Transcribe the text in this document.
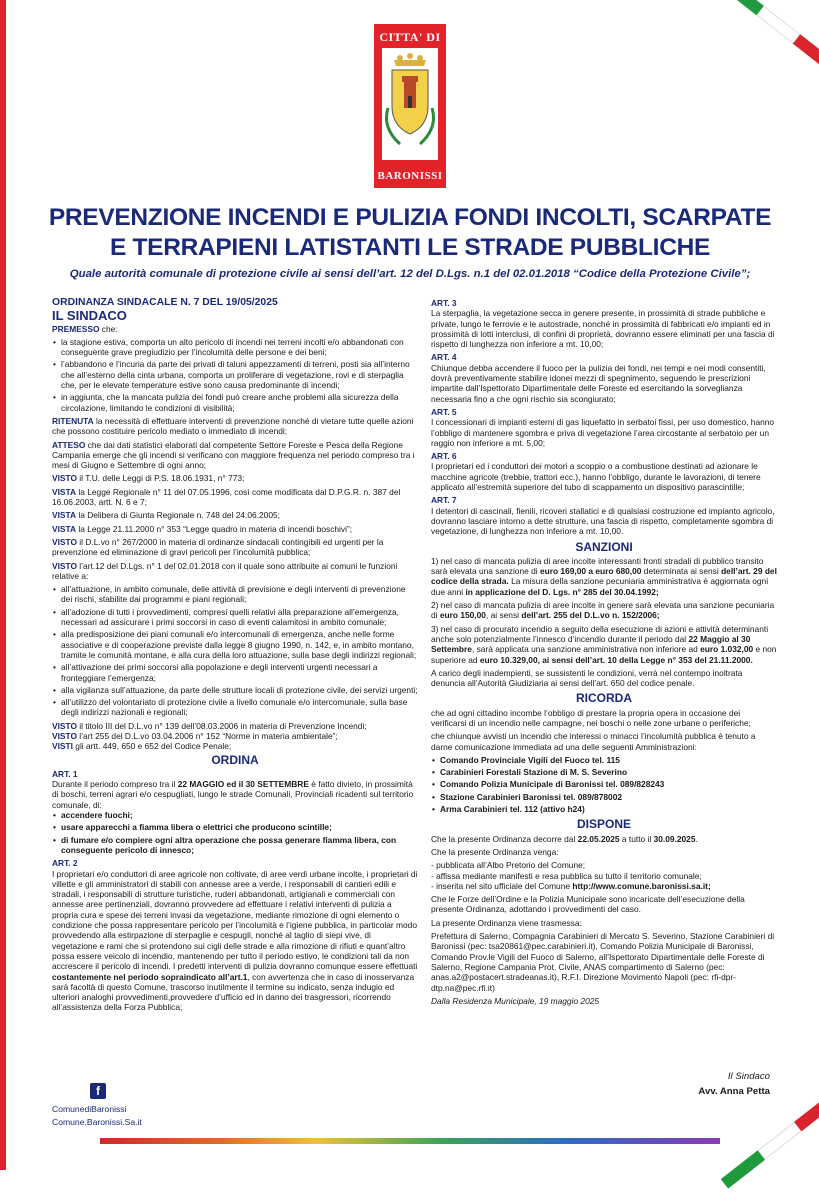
CITTA' DI
BARONISSI
PREVENZIONE INCENDI E PULIZIA FONDI INCOLTI, SCARPATE
E TERRAPIENI LATISTANTI LE STRADE PUBBLICHE
Quale autorità comunale di protezione civile ai sensi dell’art. 12 del D.Lgs. n.1 del 02.01.2018 “Codice della Protezione Civile”;
ORDINANZA SINDACALE N. 7 DEL 19/05/2025
IL SINDACO

PREMESSO che:

• la stagione estiva, comporta un alto pericolo di incendi nei terreni incolti e/o abbandonati con conseguente grave pregiudizio per l’incolumità delle persone e dei beni;
• l’abbandono e l’incuria da parte dei privati di taluni appezzamenti di terreni, posti sia all’interno che all’esterno della cinta urbana, comporta un proliferare di vegetazione, rovi e di sterpaglia che, per le elevate temperature estive sono causa predominante di incendi;
• in aggiunta, che la mancata pulizia dei fondi può creare anche problemi alla sicurezza della circolazione, limitando le condizioni di visibilità;

RITENUTA la necessità di effettuare interventi di prevenzione nonché di vietare tutte quelle azioni che possono costituire pericolo mediato o immediato di incendi;

ATTESO che dai dati statistici elaborati dal competente Settore Foreste e Pesca della Regione Campania emerge che gli incendi si verificano con maggiore frequenza nel periodo compreso tra i mesi di Giugno e Settembre di ogni anno;

VISTO il T.U. delle Leggi di P.S. 18.06.1931, n° 773;

VISTA la Legge Regionale n° 11 del 07.05.1996, così come modificata dal D.P.G.R. n. 387 del 16.06.2003, artt. N. 6 e 7;

VISTA la Delibera di Giunta Regionale n. 748 del 24.06.2005;

VISTA la Legge 21.11.2000 n° 353 “Legge quadro in materia di incendi boschivi”;

VISTO il D.L.vo n° 267/2000 in materia di ordinanze sindacali contingibili ed urgenti per la prevenzione ed eliminazione di gravi pericoli per l’incolumità pubblica;

VISTO l’art.12 del D.Lgs. n° 1 del 02.01.2018 con il quale sono attribuite ai comuni le funzioni relative a:

• all’attuazione, in ambito comunale, delle attività di previsione e degli interventi di prevenzione dei rischi, stabilite dai programmi e piani regionali;
• all’adozione di tutti i provvedimenti, compresi quelli relativi alla preparazione all’emergenza, necessari ad assicurare i primi soccorsi in caso di eventi calamitosi in ambito comunale;
• alla predisposizione dei piani comunali e/o intercomunali di emergenza, anche nelle forme associative e di cooperazione previste dalla legge 8 giugno 1990, n. 142, e, in ambito montano, tramite le comunità montane, e alla cura della loro attuazione, sulla base degli indirizzi regionali;
• all’attivazione dei primi soccorsi alla popolazione e degli interventi urgenti necessari a fronteggiare l’emergenza;
• alla vigilanza sull’attuazione, da parte delle strutture locali di protezione civile, dei servizi urgenti;
• all’utilizzo del volontariato di protezione civile a livello comunale e/o intercomunale, sulla base degli indirizzi nazionali e regionali;

VISTO il titolo III del D.L.vo n° 139 dell’08.03.2006 in materia di Prevenzione Incendi;

VISTO l’art 255 del D.L.vo 03.04.2006 n° 152 “Norme in materia ambientale”;

VISTI gli artt. 449, 650 e 652 del Codice Penale;

ORDINA
ART. 1

Durante il periodo compreso tra il 22 MAGGIO ed il 30 SETTEMBRE è fatto divieto, in prossimità di boschi, terreni agrari e/o cespugliati, lungo le strade Comunali, Provinciali ricadenti sul territorio comunale, di:

• accendere fuochi;
• usare apparecchi a fiamma libera o elettrici che producono scintille;
• di fumare e/o compiere ogni altra operazione che possa generare fiamma libera, con conseguente pericolo di innesco;
ART. 2

I proprietari e/o conduttori di aree agricole non coltivate, di aree verdi urbane incolte, i proprietari di villette e gli amministratori di stabili con annesse aree a verde, i responsabili di cantieri edili e stradali, i responsabili di strutture turistiche, ruderi abbandonati, artigianali e commerciali con annesse aree pertinenziali, dovranno provvedere ad effettuare i relativi interventi di pulizia a propria cura e spese dei terreni invasi da vegetazione, mediante rimozione di ogni elemento o condizione che possa rappresentare pericolo per l’incolumità e l’igiene pubblica, in particolar modo provvedendo alla estirpazione di sterpaglie e cespugli, nonché al taglio di siepi vive, di vegetazione e rami che si protendono sui cigli delle strade e alla rimozione di rifiuti e quant’altro possa essere veicolo di incendio, mantenendo per tutto il periodo estivo, le condizioni tali da non accrescere il pericolo di incendi. I predetti interventi di pulizia dovranno comunque essere effettuati costantemente nel periodo sopraindicato all’art.1, con avvertenza che in caso di inosservanza sarà facoltà di questo Comune, trascorso inutilmente il termine su indicato, senza indugio ed ulteriori analoghi provvedimenti,provvedere d’ufficio ed in danno dei trasgressori, ricorrendo all’assistenza della Forza Pubblica;

ART. 3

La sterpaglia, la vegetazione secca in genere presente, in prossimità di strade pubbliche e private, lungo le ferrovie e le autostrade, nonché in prossimità di fabbricati e/o impianti ed in prossimità di lotti interclusi, di confini di proprietà, dovranno essere eliminati per una fascia di rispetto di lunghezza non inferiore a mt. 10,00;

ART. 4

Chiunque debba accendere il fuoco per la pulizia dei fondi, nei tempi e nei modi consentiti, dovrà preventivamente stabilire idonei mezzi di spegnimento, seguendo le prescrizioni impartite dall’Ispettorato Dipartimentale delle Foreste ed esercitando la sorveglianza necessaria fino a che ogni rischio sia scongiurato;

ART. 5

I concessionari di impianti esterni di gas liquefatto in serbatoi fissi, per uso domestico, hanno l’obbligo di mantenere sgombra e priva di vegetazione l’area circostante al serbatoio per un raggio non inferiore a mt. 5,00;

ART. 6

I proprietari ed i conduttori dei motori a scoppio o a combustione destinati ad azionare le macchine agricole (trebbie, trattori ecc.), hanno l’obbligo, durante le lavorazioni, di tenere applicato all’estremità superiore del tubo di scappamento un dispositivo parascintille;

ART. 7

I detentori di cascinali, fienili, ricoveri stallatici e di qualsiasi costruzione ed impianto agricolo, dovranno lasciare intorno a dette strutture, una fascia di rispetto, completamente sgombra di vegetazione, di lunghezza non inferiore a mt. 10,00.

SANZIONI

1) nel caso di mancata pulizia di aree incolte interessanti fronti stradali di pubblico transito sarà elevata una sanzione di euro 169,00 a euro 680,00 determinata ai sensi dell’art. 29 del codice della strada. La misura della sanzione pecuniaria amministrativa è aggiornata ogni due anni in applicazione del D. Lgs. n° 285 del 30.04.1992;

2) nel caso di mancata pulizia di aree incolte in genere sarà elevata una sanzione pecuniaria di euro 150,00, ai sensi dell’art. 255 del D.L.vo n. 152/2006;

3) nel caso di procurato incendio a seguito della esecuzione di azioni e attività determinanti anche solo potenzialmente l’innesco d’incendio durante il periodo dal 22 Maggio al 30 Settembre, sarà applicata una sanzione amministrativa non inferiore ad euro 1.032,00 e non superiore ad euro 10.329,00, ai sensi dell’art. 10 della Legge n° 353 del 21.11.2000.

A carico degli inadempienti, se sussistenti le condizioni, verrà nel contempo inoltrata denuncia all’Autorità Giudiziaria ai sensi dell’art. 650 del codice penale.

RICORDA

che ad ogni cittadino incombe l’obbligo di prestare la propria opera in occasione dei verificarsi di un incendio nelle campagne, nei boschi o nelle zone urbane o periferiche;

che chiunque avvisti un incendio che interessi o minacci l’incolumità pubblica è tenuto a darne comunicazione immediata ad una delle seguenti Amministrazioni:

• Comando Provinciale Vigili del Fuoco tel. 115
• Carabinieri Forestali Stazione di M. S. Severino
• Comando Polizia Municipale di Baronissi tel. 089/828243
• Stazione Carabinieri Baronissi tel. 089/878002
• Arma Carabinieri tel. 112 (attivo h24)
DISPONE

Che la presente Ordinanza decorre dal 22.05.2025 a tutto il 30.09.2025.

Che la presente Ordinanza venga:

- pubblicata all’Albo Pretorio del Comune;

- affissa mediante manifesti e resa pubblica su tutto il territorio comunale;

- inserita nel sito ufficiale del Comune http://www.comune.baronissi.sa.it;

Che le Forze dell’Ordine e la Polizia Municipale sono incaricate dell’esecuzione della presente Ordinanza, adottando i provvedimenti del caso.

La presente Ordinanza viene trasmessa:

Prefettura di Salerno, Compagnia Carabinieri di Mercato S. Severino, Stazione Carabinieri di Baronissi (pec: tsa20861@pec.carabinieri.it), Comando Polizia Municipale di Baronissi, Comando Prov.le Vigili del Fuoco di Salerno, all’Ispettorato Dipartimentale delle Foreste di Salerno, Regione Campania Prot. Civile, ANAS compartimento di Salerno (pec: anas.a2@postacert.stradeanas.it), R.F.I. Direzione Movimento Napoli (pec: rfi-dpr-dtp.na@pec.rfi.it)

Dalla Residenza Municipale, 19 maggio 2025

f
ComunediBaronissi
Comune.Baronissi.Sa.it
Il Sindaco
Avv. Anna Petta
